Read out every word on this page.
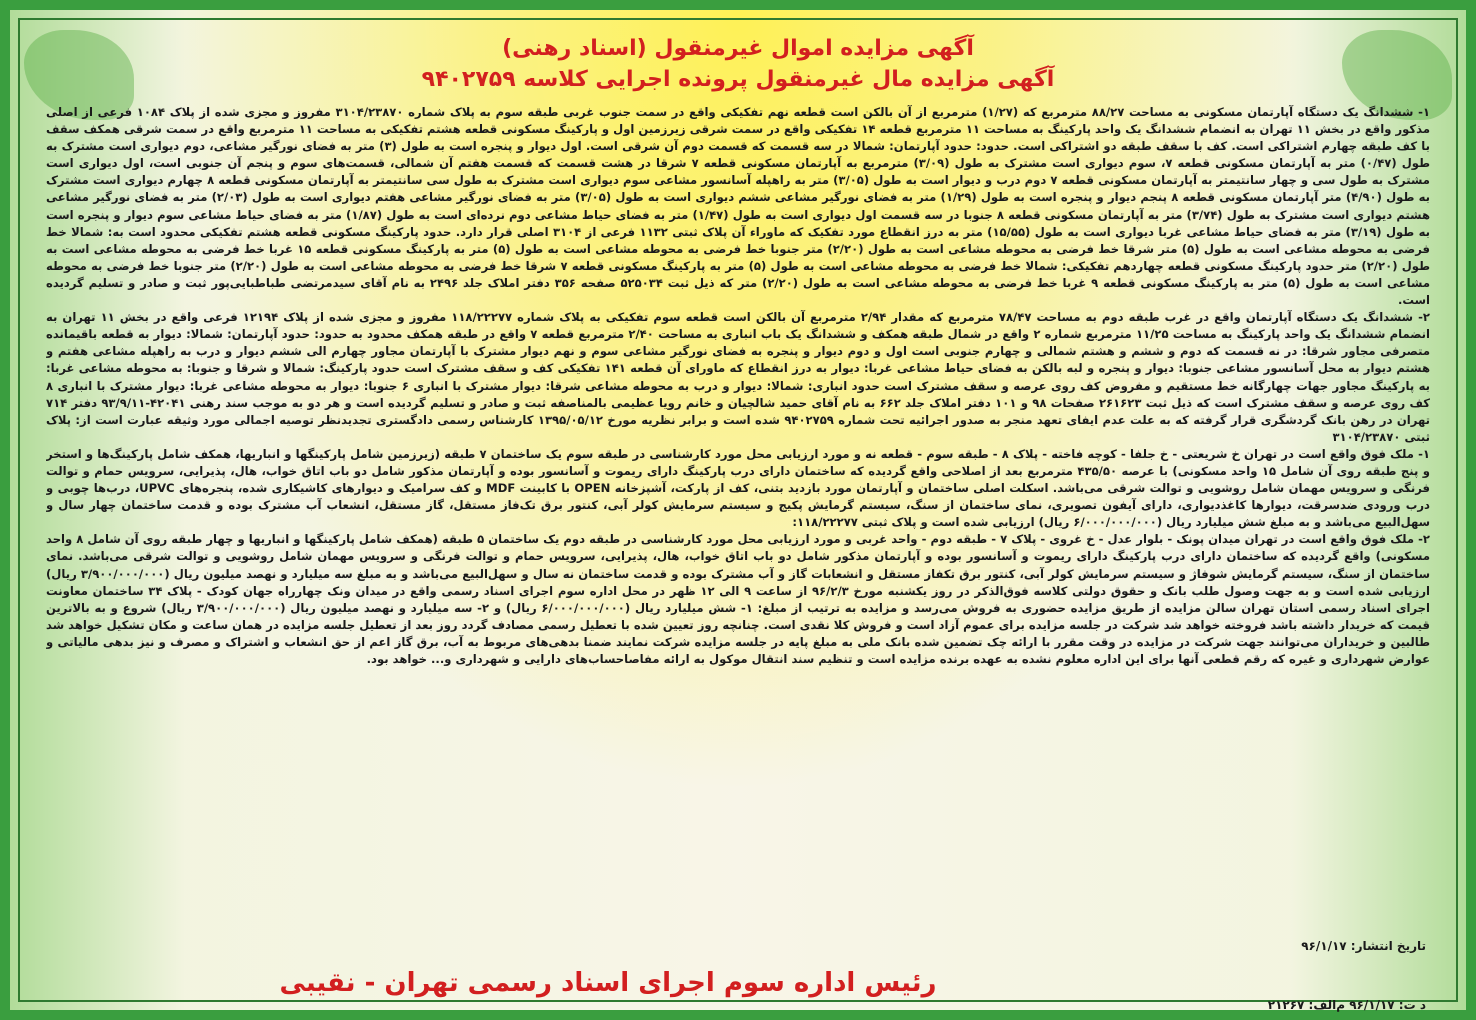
آگهی مزایده اموال غیرمنقول (اسناد رهنی)
آگهی مزایده مال غیرمنقول پرونده اجرایی کلاسه ۹۴۰۲۷۵۹

۱- ششدانگ یک دستگاه آپارتمان مسکونی به مساحت ۸۸/۲۷ مترمربع که (۱/۲۷) مترمربع از آن بالکن است قطعه نهم تفکیکی واقع در سمت جنوب غربی طبقه سوم به پلاک شماره ۳۱۰۴/۲۳۸۷۰ مفروز و مجزی شده از پلاک ۱۰۸۴ فرعی از اصلی مذکور واقع در بخش ۱۱ تهران به انضمام ششدانگ یک واحد پارکینگ به مساحت ۱۱ مترمربع قطعه ۱۴ تفکیکی واقع در سمت شرقی زیرزمین اول و پارکینگ مسکونی قطعه هشتم تفکیکی به مساحت ۱۱ مترمربع واقع در سمت شرقی همکف سقف با کف طبقه چهارم اشتراکی است. کف با سقف طبقه دو اشتراکی است. حدود: حدود آپارتمان: شمالا در سه قسمت که قسمت دوم آن شرقی است. اول دیوار و پنجره است به طول (۳) متر به فضای نورگیر مشاعی، دوم دیواری است مشترک به طول (۰/۴۷) متر به آپارتمان مسکونی قطعه ۷، سوم دیواری است مشترک به طول (۳/۰۹) مترمربع به آپارتمان مسکونی قطعه ۷ شرقا در هشت قسمت که قسمت هفتم آن شمالی، قسمت‌های سوم و پنجم آن جنوبی است، اول دیواری است مشترک به طول سی و چهار سانتیمتر به آپارتمان مسکونی قطعه ۷ دوم درب و دیوار است به طول (۳/۰۵) متر به راهپله آسانسور مشاعی سوم دیواری است مشترک به طول سی سانتیمتر به آپارتمان مسکونی قطعه ۸ چهارم دیواری است مشترک به طول (۴/۹۰) متر آپارتمان مسکونی قطعه ۸ پنجم دیوار و پنجره است به طول (۱/۲۹) متر به فضای نورگیر مشاعی ششم دیواری است به طول (۳/۰۵) متر به فضای نورگیر مشاعی هفتم دیواری است به طول (۲/۰۳) متر به فضای نورگیر مشاعی هشتم دیواری است مشترک به طول (۳/۷۴) متر به آپارتمان مسکونی قطعه ۸ جنوبا در سه قسمت اول دیواری است به طول (۱/۴۷) متر به فضای حیاط مشاعی دوم نرده‌ای است به طول (۱/۸۷) متر به فضای حیاط مشاعی سوم دیوار و پنجره است به طول (۳/۱۹) متر به فضای حیاط مشاعی غربا دیواری است به طول (۱۵/۵۵) متر به درز انقطاع مورد تفکیک که ماوراء آن پلاک ثبتی ۱۱۳۲ فرعی از ۳۱۰۴ اصلی قرار دارد. حدود پارکینگ مسکونی قطعه هشتم تفکیکی محدود است به: شمالا خط فرضی به محوطه مشاعی است به طول (۵) متر شرقا خط فرضی به محوطه مشاعی است به طول (۲/۲۰) متر جنوبا خط فرضی به محوطه مشاعی است به طول (۵) متر به پارکینگ مسکونی قطعه ۱۵ غربا خط فرضی به محوطه مشاعی است به طول (۲/۲۰) متر حدود پارکینگ مسکونی قطعه چهاردهم تفکیکی: شمالا خط فرضی به محوطه مشاعی است به طول (۵) متر به پارکینگ مسکونی قطعه ۷ شرقا خط فرضی به محوطه مشاعی است به طول (۲/۲۰) متر جنوبا خط فرضی به محوطه مشاعی است به طول (۵) متر به پارکینگ مسکونی قطعه ۹ غربا خط فرضی به محوطه مشاعی است به طول (۲/۲۰) متر که ذیل ثبت ۵۲۵۰۳۴ صفحه ۳۵۶ دفتر املاک جلد ۲۴۹۶ به نام آقای سیدمرتضی طباطبایی‌پور ثبت و صادر و تسلیم گردیده است.

۲- ششدانگ یک دستگاه آپارتمان واقع در غرب طبقه دوم به مساحت ۷۸/۴۷ مترمربع که مقدار ۲/۹۴ مترمربع آن بالکن است قطعه سوم تفکیکی به پلاک شماره ۱۱۸/۲۲۲۷۷ مفروز و مجزی شده از پلاک ۱۲۱۹۴ فرعی واقع در بخش ۱۱ تهران به انضمام ششدانگ یک واحد پارکینگ به مساحت ۱۱/۲۵ مترمربع شماره ۲ واقع در شمال طبقه همکف و ششدانگ یک باب انباری به مساحت ۲/۴۰ مترمربع قطعه ۷ واقع در طبقه همکف محدود به حدود: حدود آپارتمان: شمالا: دیوار به قطعه باقیمانده متصرفی مجاور شرقا: در نه قسمت که دوم و ششم و هشتم شمالی و چهارم جنوبی است اول و دوم دیوار و پنجره به فضای نورگیر مشاعی سوم و نهم دیوار مشترک با آپارتمان مجاور چهارم الی ششم دیوار و درب به راهپله مشاعی هفتم و هشتم دیوار به محل آسانسور مشاعی جنوبا: دیوار و پنجره و لبه بالکن به فضای حیاط مشاعی غربا: دیوار به درز انقطاع که ماورای آن قطعه ۱۴۱ تفکیکی کف و سقف مشترک است حدود پارکینگ: شمالا و شرقا و جنوبا: به محوطه مشاعی غربا: به پارکینگ مجاور جهات چهارگانه خط مستقیم و مفروض کف روی عرصه و سقف مشترک است حدود انباری: شمالا: دیوار و درب به محوطه مشاعی شرقا: دیوار مشترک با انباری ۶ جنوبا: دیوار به محوطه مشاعی غربا: دیوار مشترک با انباری ۸ کف روی عرصه و سقف مشترک است که ذیل ثبت ۲۶۱۶۲۳ صفحات ۹۸ و ۱۰۱ دفتر املاک جلد ۶۶۲ به نام آقای حمید شالچیان و خانم رویا عظیمی بالمناصفه ثبت و صادر و تسلیم گردیده است و هر دو به موجب سند رهنی ۴۲۰۴۱-۹۳/۹/۱۱ دفتر ۷۱۴ تهران در رهن بانک گردشگری قرار گرفته که به علت عدم ایفای تعهد منجر به صدور اجرائیه تحت شماره ۹۴۰۲۷۵۹ شده است و برابر نظریه مورخ ۱۳۹۵/۰۵/۱۲ کارشناس رسمی دادگستری تجدیدنظر توصیه اجمالی مورد وثیقه عبارت است از: پلاک ثبتی ۳۱۰۴/۲۳۸۷۰

۱- ملک فوق واقع است در تهران خ شریعتی - خ جلفا - کوچه فاخته - پلاک ۸ - طبقه سوم - قطعه نه و مورد ارزیابی محل مورد کارشناسی در طبقه سوم یک ساختمان ۷ طبقه (زیرزمین شامل پارکینگها و انباریها، همکف شامل پارکینگ‌ها و استخر و پنج طبقه روی آن شامل ۱۵ واحد مسکونی) با عرصه ۴۳۵/۵۰ مترمربع بعد از اصلاحی واقع گردیده که ساختمان دارای درب پارکینگ دارای ریموت و آسانسور بوده و آپارتمان مذکور شامل دو باب اتاق خواب، هال، پذیرایی، سرویس حمام و توالت فرنگی و سرویس مهمان شامل روشویی و توالت شرقی می‌باشد. اسکلت اصلی ساختمان و آپارتمان مورد بازدید بتنی، کف از پارکت، آشپزخانه OPEN با کابینت MDF و کف سرامیک و دیوارهای کاشیکاری شده، پنجره‌های UPVC، درب‌ها چوبی و درب ورودی ضدسرقت، دیوارها کاغذدیواری، دارای آیفون تصویری، نمای ساختمان از سنگ، سیستم گرمایش پکیج و سیستم سرمایش کولر آبی، کنتور برق تک‌فاز مستقل، گاز مستقل، انشعاب آب مشترک بوده و قدمت ساختمان چهار سال و سهل‌البیع می‌باشد و به مبلغ شش میلیارد ریال (۶/۰۰۰/۰۰۰/۰۰۰ ریال) ارزیابی شده است و پلاک ثبتی ۱۱۸/۲۲۲۷۷:

۲- ملک فوق واقع است در تهران میدان پونک - بلوار عدل - خ غروی - پلاک ۷ - طبقه دوم - واحد غربی و مورد ارزیابی محل مورد کارشناسی در طبقه دوم یک ساختمان ۵ طبقه (همکف شامل پارکینگها و انباریها و چهار طبقه روی آن شامل ۸ واحد مسکونی) واقع گردیده که ساختمان دارای درب پارکینگ دارای ریموت و آسانسور بوده و آپارتمان مذکور شامل دو باب اتاق خواب، هال، پذیرایی، سرویس حمام و توالت فرنگی و سرویس مهمان شامل روشویی و توالت شرقی می‌باشد. نمای ساختمان از سنگ، سیستم گرمایش شوفاژ و سیستم سرمایش کولر آبی، کنتور برق تکفاز مستقل و انشعابات گاز و آب مشترک بوده و قدمت ساختمان نه سال و سهل‌البیع می‌باشد و به مبلغ سه میلیارد و نهصد میلیون ریال (۳/۹۰۰/۰۰۰/۰۰۰ ریال) ارزیابی شده است و به جهت وصول طلب بانک و حقوق دولتی کلاسه فوق‌الذکر در روز یکشنبه مورخ ۹۶/۲/۳ از ساعت ۹ الی ۱۲ ظهر در محل اداره سوم اجرای اسناد رسمی واقع در میدان ونک چهارراه جهان کودک - پلاک ۳۴ ساختمان معاونت اجرای اسناد رسمی استان تهران سالن مزایده از طریق مزایده حضوری به فروش می‌رسد و مزایده به ترتیب از مبلغ: ۱- شش میلیارد ریال (۶/۰۰۰/۰۰۰/۰۰۰ ریال) و ۲- سه میلیارد و نهصد میلیون ریال (۳/۹۰۰/۰۰۰/۰۰۰ ریال) شروع و به بالاترین قیمت که خریدار داشته باشد فروخته خواهد شد شرکت در جلسه مزایده برای عموم آزاد است و فروش کلا نقدی است. چنانچه روز تعیین شده با تعطیل رسمی مصادف گردد روز بعد از تعطیل جلسه مزایده در همان ساعت و مکان تشکیل خواهد شد طالبین و خریداران می‌توانند جهت شرکت در مزایده در وقت مقرر با ارائه چک تضمین شده بانک ملی به مبلغ پایه در جلسه مزایده شرکت نمایند ضمنا بدهی‌های مربوط به آب، برق گاز اعم از حق انشعاب و اشتراک و مصرف و نیز بدهی مالیاتی و عوارض شهرداری و غیره که رقم قطعی آنها برای این اداره معلوم نشده به عهده برنده مزایده است و تنظیم سند انتقال موکول به ارائه مفاصاحساب‌های دارایی و شهرداری و... خواهد بود.

تاریخ انتشار: ۹۶/۱/۱۷
رئیس اداره سوم اجرای اسناد رسمی تهران - نقیبی
د ت: ۹۶/۱/۱۷ م‌الف: ۲۱۲۶۷
